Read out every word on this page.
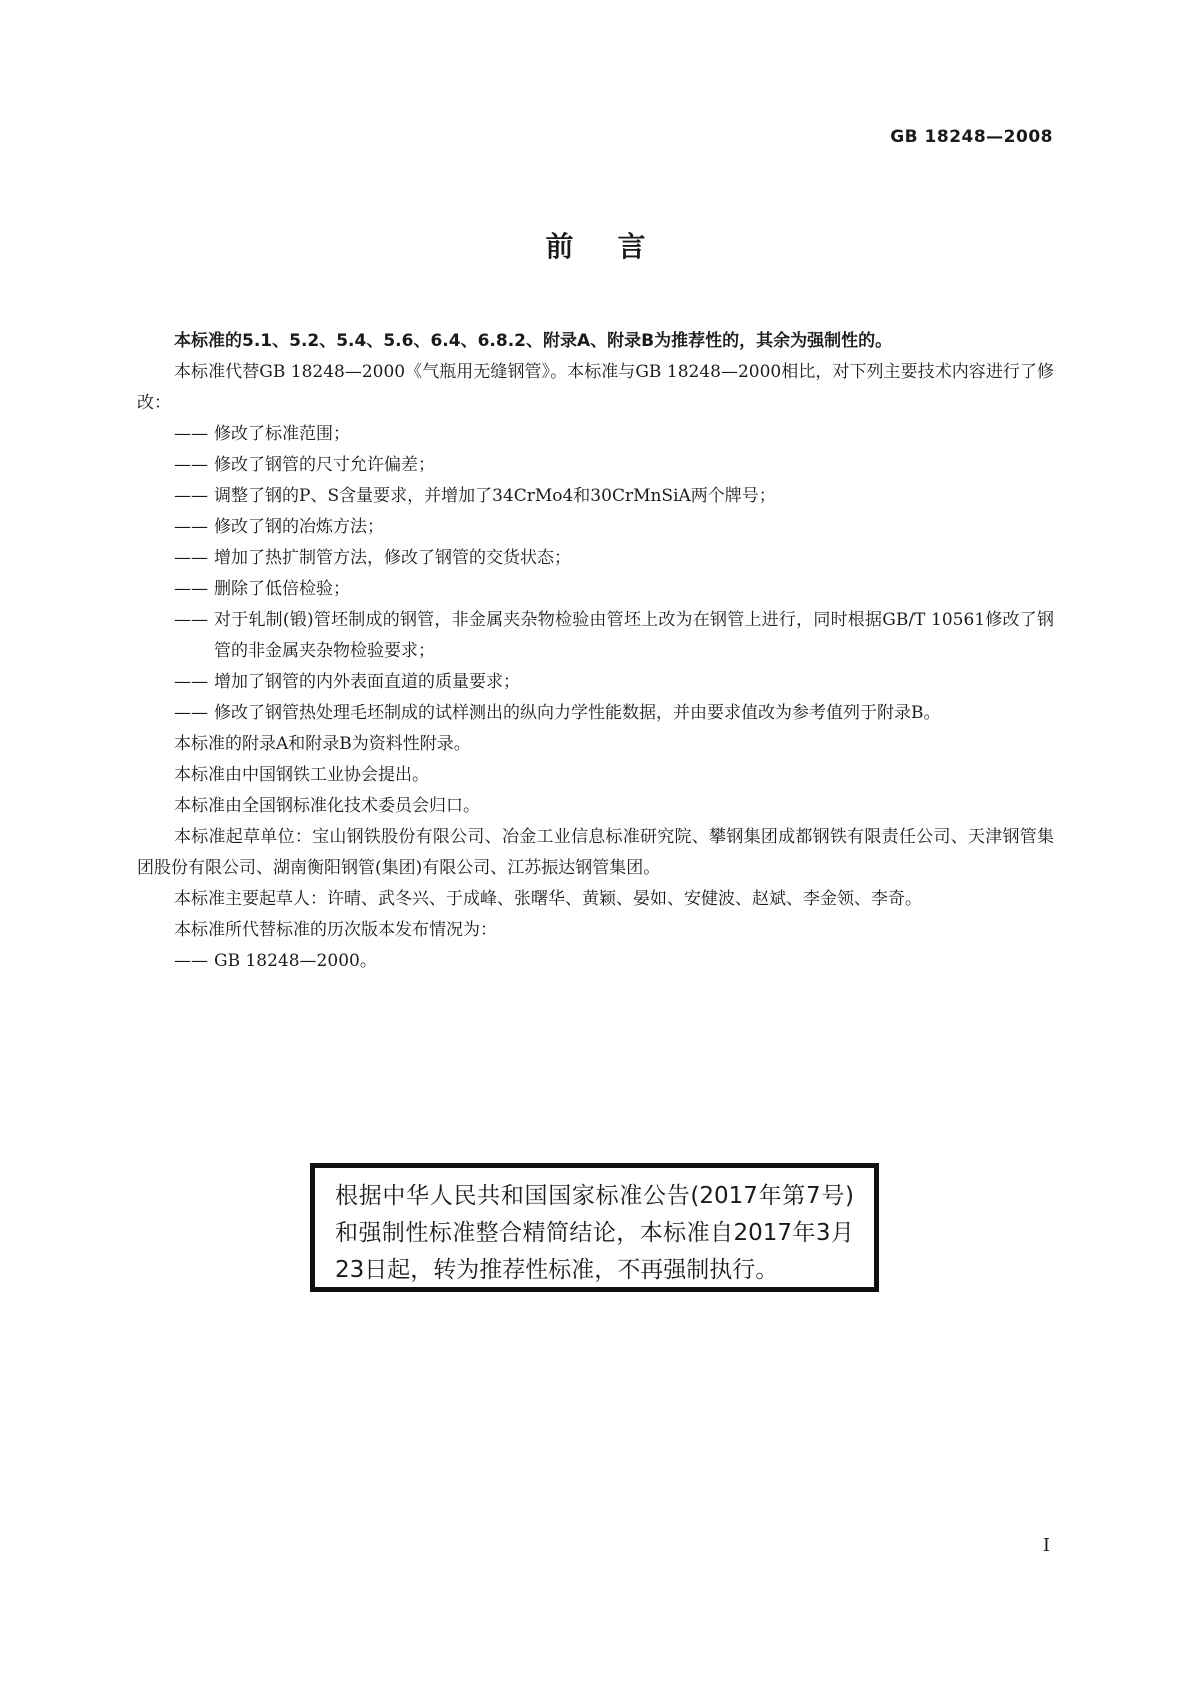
GB 18248—2008
前言

本标准的5.1、5.2、5.4、5.6、6.4、6.8.2、附录A、附录B为推荐性的，其余为强制性的。

本标准代替GB 18248—2000《气瓶用无缝钢管》。本标准与GB 18248—2000相比，对下列主要技术内容进行了修改：

—— 修改了标准范围；
—— 修改了钢管的尺寸允许偏差；
—— 调整了钢的P、S含量要求，并增加了34CrMo4和30CrMnSiA两个牌号；
—— 修改了钢的冶炼方法；
—— 增加了热扩制管方法，修改了钢管的交货状态；
—— 删除了低倍检验；
—— 对于轧制(锻)管坯制成的钢管，非金属夹杂物检验由管坯上改为在钢管上进行，同时根据GB/T 10561修改了钢管的非金属夹杂物检验要求；
—— 增加了钢管的内外表面直道的质量要求；
—— 修改了钢管热处理毛坯制成的试样测出的纵向力学性能数据，并由要求值改为参考值列于附录B。

本标准的附录A和附录B为资料性附录。

本标准由中国钢铁工业协会提出。

本标准由全国钢标准化技术委员会归口。

本标准起草单位：宝山钢铁股份有限公司、冶金工业信息标准研究院、攀钢集团成都钢铁有限责任公司、天津钢管集团股份有限公司、湖南衡阳钢管(集团)有限公司、江苏振达钢管集团。

本标准主要起草人：许晴、武冬兴、于成峰、张曙华、黄颖、晏如、安健波、赵斌、李金领、李奇。

本标准所代替标准的历次版本发布情况为：

—— GB 18248—2000。
根据中华人民共和国国家标准公告(2017年第7号)和强制性标准整合精简结论，本标准自2017年3月23日起，转为推荐性标准，不再强制执行。
I
